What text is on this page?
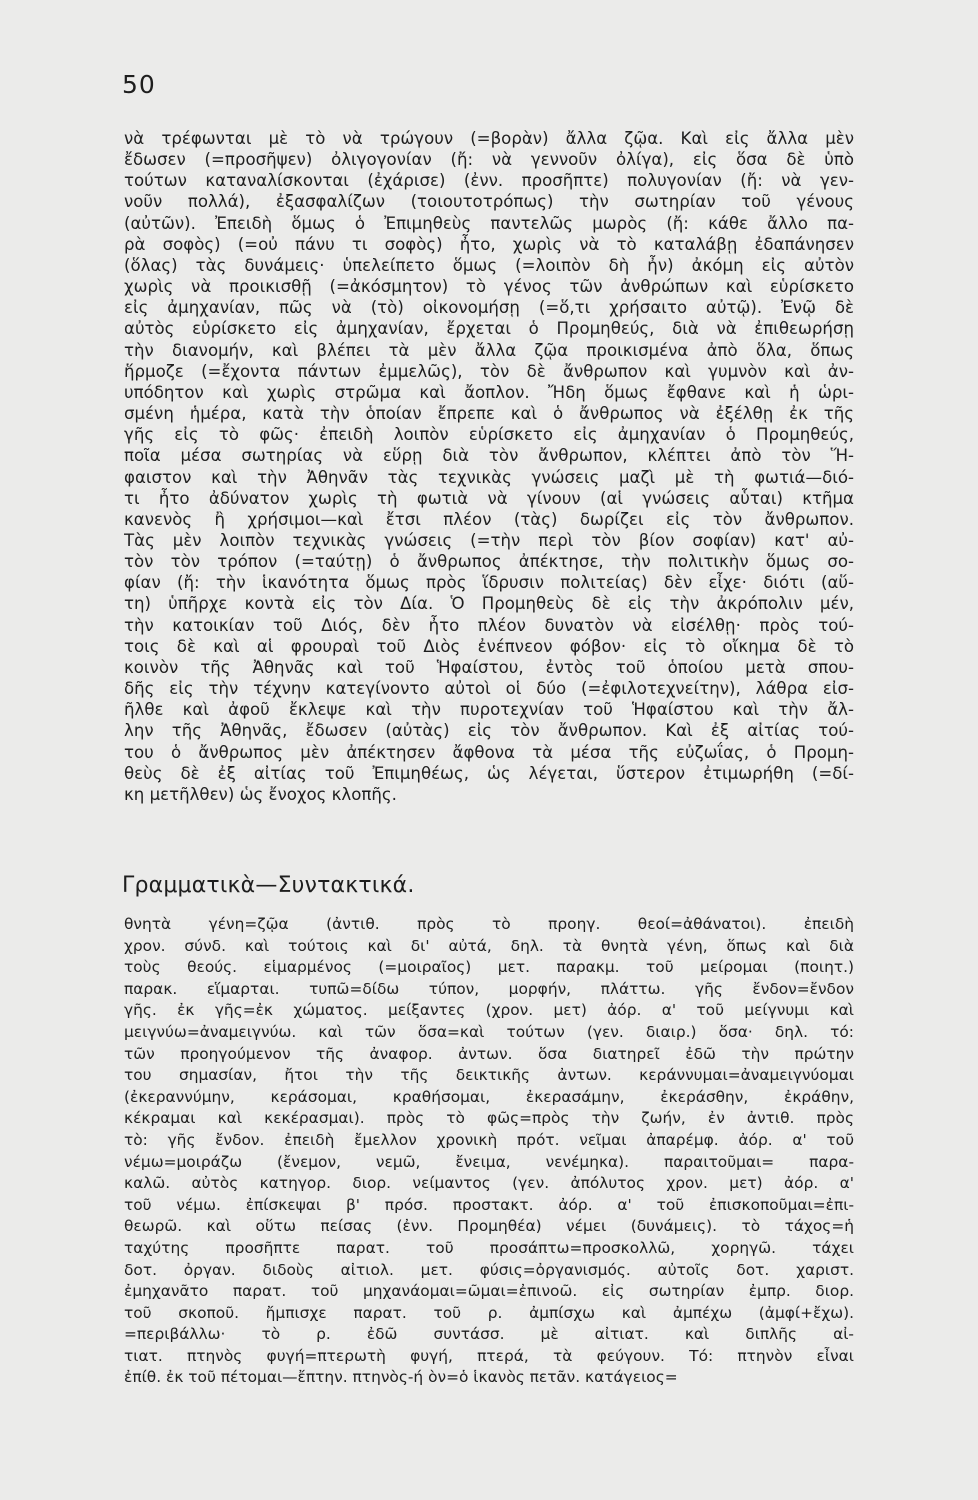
50
νὰ τρέφωνται μὲ τὸ νὰ τρώγουν (=βορὰν) ἄλλα ζῷα. Καὶ εἰς ἄλλα μὲν
ἔδωσεν (=προσῆψεν) ὀλιγογονίαν (ἤ: νὰ γεννοῦν ὀλίγα), εἰς ὅσα δὲ ὑπὸ
τούτων καταναλίσκονται (ἐχάρισε) (ἐνν. προσῆπτε) πολυγονίαν (ἤ: νὰ γεν-
νοῦν πολλά), ἐξασφαλίζων (τοιουτοτρόπως) τὴν σωτηρίαν τοῦ γένους
(αὐτῶν). Ἐπειδὴ ὅμως ὁ Ἐπιμηθεὺς παντελῶς μωρὸς (ἤ: κάθε ἄλλο πα-
ρὰ σοφὸς) (=οὐ πάνυ τι σοφὸς) ἦτο, χωρὶς νὰ τὸ καταλάβῃ ἐδαπάνησεν
(ὅλας) τὰς δυνάμεις· ὑπελείπετο ὅμως (=λοιπὸν δὴ ἦν) ἀκόμη εἰς αὐτὸν
χωρὶς νὰ προικισθῇ (=ἀκόσμητον) τὸ γένος τῶν ἀνθρώπων καὶ εὑρίσκετο
εἰς ἀμηχανίαν, πῶς νὰ (τὸ) οἰκονομήσῃ (=ὅ,τι χρήσαιτο αὐτῷ). Ἐνῷ δὲ
αὐτὸς εὑρίσκετο εἰς ἀμηχανίαν, ἔρχεται ὁ Προμηθεύς, διὰ νὰ ἐπιθεωρήσῃ
τὴν διανομήν, καὶ βλέπει τὰ μὲν ἄλλα ζῷα προικισμένα ἀπὸ ὅλα, ὅπως
ἥρμοζε (=ἔχοντα πάντων ἐμμελῶς), τὸν δὲ ἄνθρωπον καὶ γυμνὸν καὶ ἀν-
υπόδητον καὶ χωρὶς στρῶμα καὶ ἄοπλον. Ἤδη ὅμως ἔφθανε καὶ ἡ ὡρι-
σμένη ἡμέρα, κατὰ τὴν ὁποίαν ἔπρεπε καὶ ὁ ἄνθρωπος νὰ ἐξέλθῃ ἐκ τῆς
γῆς εἰς τὸ φῶς· ἐπειδὴ λοιπὸν εὑρίσκετο εἰς ἀμηχανίαν ὁ Προμηθεύς,
ποῖα μέσα σωτηρίας νὰ εὕρῃ διὰ τὸν ἄνθρωπον, κλέπτει ἀπὸ τὸν Ἥ-
φαιστον καὶ τὴν Ἀθηνᾶν τὰς τεχνικὰς γνώσεις μαζὶ μὲ τὴ φωτιά—διό-
τι ἦτο ἀδύνατον χωρὶς τὴ φωτιὰ νὰ γίνουν (αἱ γνώσεις αὗται) κτῆμα
κανενὸς ἢ χρήσιμοι—καὶ ἔτσι πλέον (τὰς) δωρίζει εἰς τὸν ἄνθρωπον.
Τὰς μὲν λοιπὸν τεχνικὰς γνώσεις (=τὴν περὶ τὸν βίον σοφίαν) κατ' αὐ-
τὸν τὸν τρόπον (=ταύτῃ) ὁ ἄνθρωπος ἀπέκτησε, τὴν πολιτικὴν ὅμως σο-
φίαν (ἤ: τὴν ἱκανότητα ὅμως πρὸς ἵδρυσιν πολιτείας) δὲν εἶχε· διότι (αὕ-
τη) ὑπῆρχε κοντὰ εἰς τὸν Δία. Ὁ Προμηθεὺς δὲ εἰς τὴν ἀκρόπολιν μέν,
τὴν κατοικίαν τοῦ Διός, δὲν ἦτο πλέον δυνατὸν νὰ εἰσέλθῃ· πρὸς τού-
τοις δὲ καὶ αἱ φρουραὶ τοῦ Διὸς ἐνέπνεον φόβον· εἰς τὸ οἴκημα δὲ τὸ
κοινὸν τῆς Ἀθηνᾶς καὶ τοῦ Ἡφαίστου, ἐντὸς τοῦ ὁποίου μετὰ σπου-
δῆς εἰς τὴν τέχνην κατεγίνοντο αὐτοὶ οἱ δύο (=ἐφιλοτεχνείτην), λάθρα εἰσ-
ῆλθε καὶ ἀφοῦ ἔκλεψε καὶ τὴν πυροτεχνίαν τοῦ Ἡφαίστου καὶ τὴν ἄλ-
λην τῆς Ἀθηνᾶς, ἔδωσεν (αὐτὰς) εἰς τὸν ἄνθρωπον. Καὶ ἐξ αἰτίας τού-
του ὁ ἄνθρωπος μὲν ἀπέκτησεν ἄφθονα τὰ μέσα τῆς εὐζωΐας, ὁ Προμη-
θεὺς δὲ ἐξ αἰτίας τοῦ Ἐπιμηθέως, ὡς λέγεται, ὕστερον ἐτιμωρήθη (=δί-
κη μετῆλθεν) ὡς ἔνοχος κλοπῆς.
Γραμματικὰ—Συντακτικά.
θνητὰ γένη=ζῷα (ἀντιθ. πρὸς τὸ προηγ. θεοί=ἀθάνατοι). ἐπειδὴ
χρον. σύνδ. καὶ τούτοις καὶ δι' αὐτά, δηλ. τὰ θνητὰ γένη, ὅπως καὶ διὰ
τοὺς θεούς. εἱμαρμένος (=μοιραῖος) μετ. παρακμ. τοῦ μείρομαι (ποιητ.)
παρακ. εἵμαρται. τυπῶ=δίδω τύπον, μορφήν, πλάττω. γῆς ἔνδον=ἔνδον
γῆς. ἐκ γῆς=ἐκ χώματος. μείξαντες (χρον. μετ) ἀόρ. α' τοῦ μείγνυμι καὶ
μειγνύω=ἀναμειγνύω. καὶ τῶν ὅσα=καὶ τούτων (γεν. διαιρ.) ὅσα· δηλ. τό:
τῶν προηγούμενον τῆς ἀναφορ. ἀντων. ὅσα διατηρεῖ ἐδῶ τὴν πρώτην
του σημασίαν, ἤτοι τὴν τῆς δεικτικῆς ἀντων. κεράννυμαι=ἀναμειγνύομαι
(ἐκεραννύμην, κεράσομαι, κραθήσομαι, ἐκερασάμην, ἐκεράσθην, ἐκράθην,
κέκραμαι καὶ κεκέρασμαι). πρὸς τὸ φῶς=πρὸς τὴν ζωήν, ἐν ἀντιθ. πρὸς
τὸ: γῆς ἔνδον. ἐπειδὴ ἔμελλον χρονικὴ πρότ. νεῖμαι ἀπαρέμφ. ἀόρ. α' τοῦ
νέμω=μοιράζω (ἔνεμον, νεμῶ, ἔνειμα, νενέμηκα). παραιτοῦμαι= παρα-
καλῶ. αὐτὸς κατηγορ. διορ. νείμαντος (γεν. ἀπόλυτος χρον. μετ) ἀόρ. α'
τοῦ νέμω. ἐπίσκεψαι β' πρόσ. προστακτ. ἀόρ. α' τοῦ ἐπισκοποῦμαι=ἐπι-
θεωρῶ. καὶ οὕτω πείσας (ἐνν. Προμηθέα) νέμει (δυνάμεις). τὸ τάχος=ἡ
ταχύτης προσῆπτε παρατ. τοῦ προσάπτω=προσκολλῶ, χορηγῶ. τάχει
δοτ. ὀργαν. διδοὺς αἰτιολ. μετ. φύσις=ὀργανισμός. αὐτοῖς δοτ. χαριστ.
ἐμηχανᾶτο παρατ. τοῦ μηχανάομαι=ῶμαι=ἐπινοῶ. εἰς σωτηρίαν ἐμπρ. διορ.
τοῦ σκοποῦ. ἤμπισχε παρατ. τοῦ ρ. ἀμπίσχω καὶ ἀμπέχω (ἀμφί+ἔχω).
=περιβάλλω· τὸ ρ. ἐδῶ συντάσσ. μὲ αἰτιατ. καὶ διπλῆς αἰ-
τιατ. πτηνὸς φυγή=πτερωτὴ φυγή, πτερά, τὰ φεύγουν. Τό: πτηνὸν εἶναι
ἐπίθ. ἐκ τοῦ πέτομαι—ἔπτην. πτηνὸς-ή ὸν=ὁ ἱκανὸς πετᾶν. κατάγειος=
